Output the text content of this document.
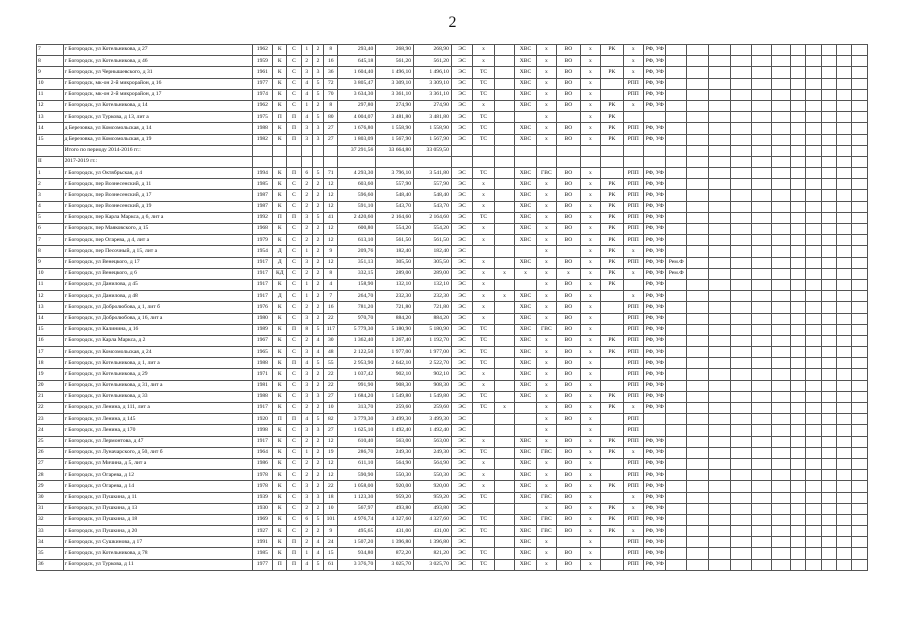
2
7	г Богородск, ул Котельникова, д 27	1962	К	С	1	2	8	293,40	268,90	268,90	ЭС	х		ХВС	х	ВО	х	РК	х	РФ, УФ											
8	г Богородск, ул Котельникова, д 46	1959	К	С	2	2	16	645,18	561,20	561,20	ЭС	х		ХВС	х	ВО	х		х	РФ, УФ											
9	г Богородск, ул Чернышевского, д 31	1961	К	С	3	3	36	1 604,40	1 496,10	1 496,10	ЭС	ТС		ХВС	х	ВО	х	РК	х	РФ, УФ											
10	г Богородск, мк-он 2-й микрорайон, д 16	1977	К	С	4	5	72	3 805,47	3 309,10	3 309,10	ЭС	ТС		ХВС	х	ВО	х		РПП	РФ, УФ											
11	г Богородск, мк-он 2-й микрорайон, д 17	1974	К	С	4	5	70	3 634,30	3 361,10	3 361,10	ЭС	ТС		ХВС	х	ВО	х		РПП	РФ, УФ											
12	г Богородск, ул Котельникова, д 14	1962	К	С	1	2	8	297,80	274,90	274,90	ЭС	х		ХВС	х	ВО	х	РК	х	РФ, УФ											
13	г Богородск, ул Туркова, д 13, лит а	1975	П	П	4	5	80	4 004,07	3 481,80	3 481,80	ЭС	ТС			х		х	РК													
14	д Березовка, ул Комсомольская, д 14	1988	К	П	3	3	27	1 676,80	1 558,90	1 558,90	ЭС	ТС		ХВС	х	ВО	х	РК	РПП	РФ, УФ											
15	д Березовка, ул Комсомольская, д 19	1982	К	П	3	3	27	1 803,09	1 567,90	1 567,90	ЭС	ТС		ХВС	х	ВО	х	РК	РПП	РФ, УФ											
	Итого по периоду 2014-2016 гг.:							37 291,56	33 664,80	33 059,50																					
II	2017-2019 гг.:																														
1	г Богородск, ул Октябрьская, д 4	1994	К	П	6	5	71	4 293,30	3 796,10	3 541,80	ЭС	ТС		ХВС	ГВС	ВО	х		РПП	РФ, УФ											
2	г Богородск, пер Вознесенский, д 11	1985	К	С	2	2	12	603,60	557,90	557,90	ЭС	х		ХВС	х	ВО	х	РК	РПП	РФ, УФ											
3	г Богородск, пер Вознесенский, д 17	1987	К	С	2	2	12	596,60	548,40	548,40	ЭС	х		ХВС	х	ВО	х	РК	РПП	РФ, УФ											
4	г Богородск, пер Вознесенский, д 19	1987	К	С	2	2	12	591,10	543,70	543,70	ЭС	х		ХВС	х	ВО	х	РК	РПП	РФ, УФ											
5	г Богородск, пер Карла Маркса, д 6, лит а	1992	П	П	3	5	41	2 420,60	2 164,60	2 164,60	ЭС	ТС		ХВС	х	ВО	х	РК	РПП	РФ, УФ											
6	г Богородск, пер Маяковского, д 15	1968	К	С	2	2	12	600,80	554,20	554,20	ЭС	х		ХВС	х	ВО	х	РК	РПП	РФ, УФ											
7	г Богородск, пер Огарева, д 4, лит а	1979	К	С	2	2	12	613,10	561,50	561,50	ЭС	х		ХВС	х	ВО	х	РК	РПП	РФ, УФ											
8	г Богородск, пер Песочный, д 15, лит а	1954	Д	С	1	2	9	209,76	182,40	182,40	ЭС				х		х	РК	х	РФ, УФ											
9	г Богородск, ул Венецкого, д 17	1917	Д	С	3	2	12	351,13	305,50	305,50	ЭС	х		ХВС	х	ВО	х	РК	РПП	РФ, УФ	Рем.Ф										
10	г Богородск, ул Венецкого, д 6	1917	КД	С	2	2	8	332,15	289,00	289,00	ЭС	х	х	х	х	х	х	РК	х	РФ, УФ	Рем.Ф										
11	г Богородск, ул Данилова, д 45	1917	К	С	1	2	4	158,90	132,10	132,10	ЭС	х			х	ВО	х	РК		РФ, УФ											
12	г Богородск, ул Данилова, д 48	1917	Д	С	1	2	7	264,70	232,30	232,30	ЭС	х	х	ХВС	х	ВО	х		х	РФ, УФ											
13	г Богородск, ул Добролюбова, д 1, лит б	1976	К	С	2	2	16	781,20	721,80	721,80	ЭС	х		ХВС	х	ВО	х		РПП	РФ, УФ											
14	г Богородск, ул Добролюбова, д 16, лит а	1980	К	С	3	2	22	970,70	884,20	884,20	ЭС	х		ХВС	х	ВО	х		РПП	РФ, УФ											
15	г Богородск, ул Калинина, д 16	1989	К	П	8	5	117	5 779,30	5 180,90	5 180,90	ЭС	ТС		ХВС	ГВС	ВО	х		РПП	РФ, УФ											
16	г Богородск, ул Карла Маркса, д 2	1967	К	С	2	4	30	1 362,40	1 267,40	1 192,70	ЭС	ТС		ХВС	х	ВО	х	РК	РПП	РФ, УФ											
17	г Богородск, ул Комсомольская, д 24	1965	К	С	3	4	48	2 122,50	1 977,00	1 977,00	ЭС	ТС		ХВС	х	ВО	х	РК	РПП	РФ, УФ											
18	г Богородск, ул Котельникова, д 1, лит а	1988	К	П	4	5	55	2 953,90	2 642,10	2 522,70	ЭС	ТС		ХВС	х	ВО	х		РПП	РФ, УФ											
19	г Богородск, ул Котельникова, д 29	1971	К	С	3	2	22	1 037,42	902,10	902,10	ЭС	х		ХВС	х	ВО	х		РПП	РФ, УФ											
20	г Богородск, ул Котельникова, д 31, лит а	1981	К	С	3	2	22	991,90	908,30	908,30	ЭС	х		ХВС	х	ВО	х		РПП	РФ, УФ											
21	г Богородск, ул Котельникова, д 33	1988	К	С	3	3	27	1 684,20	1 549,80	1 549,80	ЭС	ТС		ХВС	х	ВО	х	РК	РПП	РФ, УФ											
22	г Богородск, ул Ленина, д 111, лит а	1917	К	С	2	2	10	313,70	259,60	259,60	ЭС	ТС	х		х	ВО	х	РК	х	РФ, УФ											
23	г Богородск, ул Ленина, д 145	1920	П	П	4	5	82	3 779,30	3 499,30	3 499,30	ЭС				х	ВО	х		РПП												
24	г Богородск, ул Ленина, д 170	1998	К	С	3	3	27	1 625,10	1 492,40	1 492,40	ЭС				х		х		РПП												
25	г Богородск, ул Лермонтова, д 47	1917	К	С	2	2	12	610,40	563,00	563,00	ЭС	х		ХВС	х	ВО	х	РК	РПП	РФ, УФ											
26	г Богородск, ул Луначарского, д 50, лит б	1964	К	С	1	2	19	286,70	249,30	249,30	ЭС	ТС		ХВС	ГВС	ВО	х	РК	х	РФ, УФ											
27	г Богородск, ул Мичина, д 5, лит а	1986	К	С	2	2	12	611,10	564,90	564,90	ЭС	х		ХВС	х	ВО	х		РПП	РФ, УФ											
28	г Богородск, ул Огарева, д 12	1978	К	С	2	2	12	590,90	550,30	550,30	ЭС	х		ХВС	х	ВО	х		РПП	РФ, УФ											
29	г Богородск, ул Огарева, д 14	1978	К	С	3	2	22	1 058,00	920,00	920,00	ЭС	х		ХВС	х	ВО	х	РК	РПП	РФ, УФ											
30	г Богородск, ул Пушкина, д 11	1939	К	С	3	3	18	1 123,30	959,20	959,20	ЭС	ТС		ХВС	ГВС	ВО	х		х	РФ, УФ											
31	г Богородск, ул Пушкина, д 13	1930	К	С	2	2	10	567,97	493,80	493,80	ЭС				х	ВО	х	РК	х	РФ, УФ											
32	г Богородск, ул Пушкина, д 18	1969	К	С	6	5	101	4 976,74	4 327,60	4 327,60	ЭС	ТС		ХВС	ГВС	ВО	х	РК	РПП	РФ, УФ											
33	г Богородск, ул Пушкина, д 20	1927	К	С	2	2	9	495,65	431,00	431,00	ЭС	ТС		ХВС	ГВС	ВО	х	РК	х	РФ, УФ											
34	г Богородск, ул Сушкинова, д 17	1991	К	П	2	4	24	1 507,20	1 396,80	1 396,80	ЭС			ХВС	х		х		РПП	РФ, УФ											
35	г Богородск, ул Котельникова, д 78	1985	К	П	1	4	15	934,80	872,20	821,20	ЭС	ТС		ХВС	х	ВО	х		РПП	РФ, УФ											
36	г Богородск, ул Туркова, д 11	1977	П	П	4	5	61	3 376,70	3 025,70	3 025,70	ЭС	ТС		ХВС	х	ВО	х		РПП	РФ, УФ											
